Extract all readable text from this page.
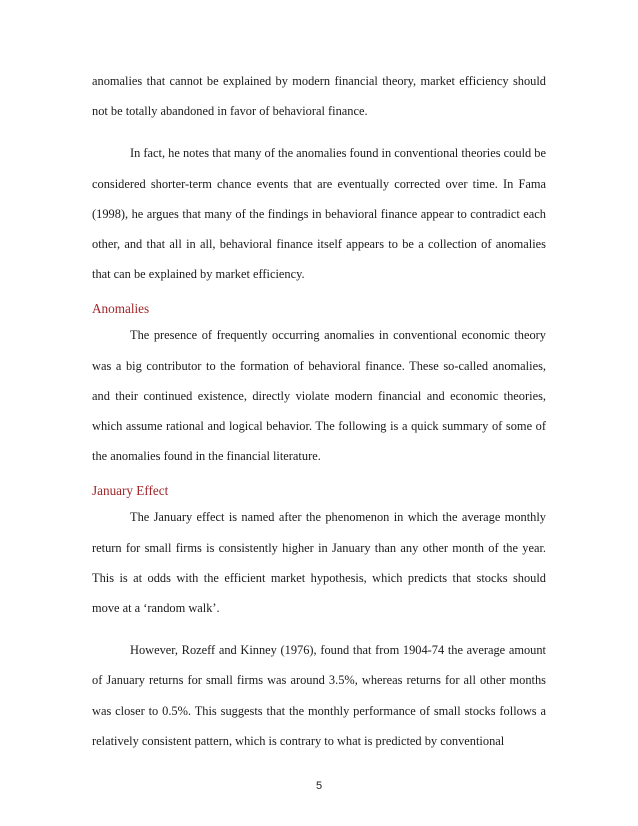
anomalies that cannot be explained by modern financial theory, market efficiency should not be totally abandoned in favor of behavioral finance.

In fact, he notes that many of the anomalies found in conventional theories could be considered shorter-term chance events that are eventually corrected over time. In Fama (1998), he argues that many of the findings in behavioral finance appear to contradict each other, and that all in all, behavioral finance itself appears to be a collection of anomalies that can be explained by market efficiency.

Anomalies

The presence of frequently occurring anomalies in conventional economic theory was a big contributor to the formation of behavioral finance. These so-called anomalies, and their continued existence, directly violate modern financial and economic theories, which assume rational and logical behavior. The following is a quick summary of some of the anomalies found in the financial literature.

January Effect

The January effect is named after the phenomenon in which the average monthly return for small firms is consistently higher in January than any other month of the year. This is at odds with the efficient market hypothesis, which predicts that stocks should move at a ‘random walk’.

However, Rozeff and Kinney (1976), found that from 1904-74 the average amount of January returns for small firms was around 3.5%, whereas returns for all other months was closer to 0.5%. This suggests that the monthly performance of small stocks follows a relatively consistent pattern, which is contrary to what is predicted by conventional

5
